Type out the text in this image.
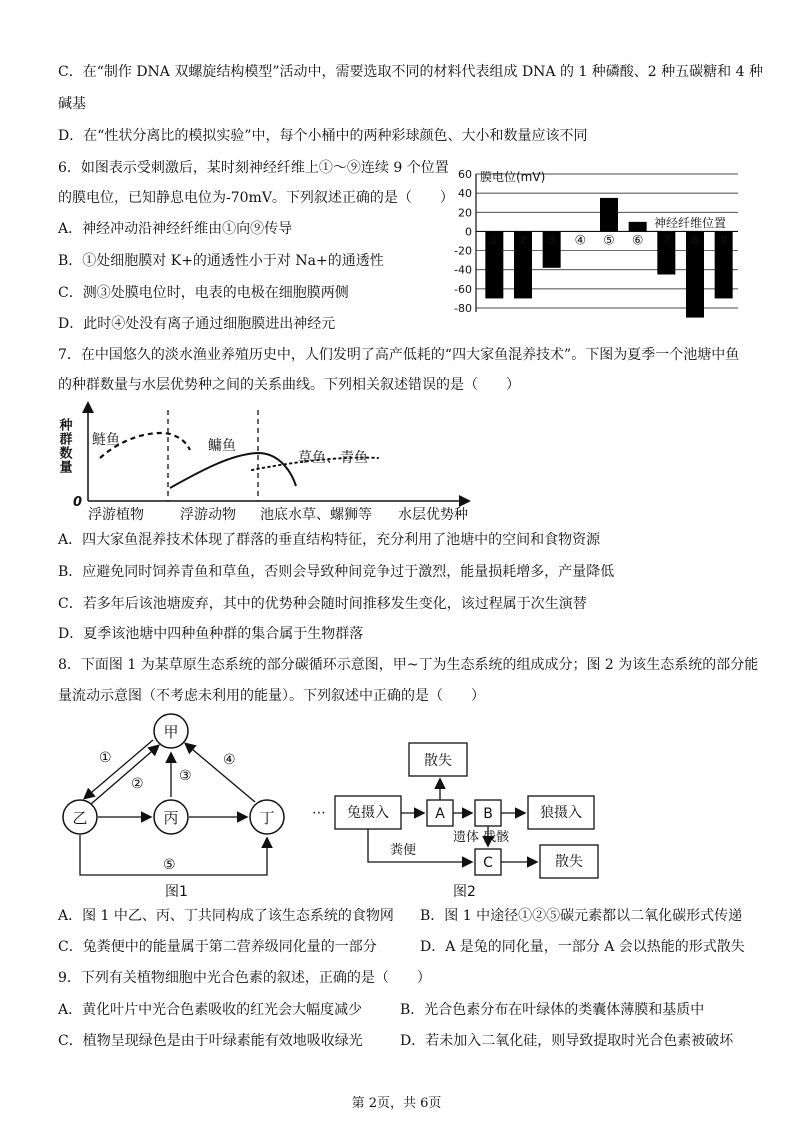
C．在“制作 DNA 双螺旋结构模型”活动中，需要选取不同的材料代表组成 DNA 的 1 种磷酸、2 种五碳糖和 4 种
碱基
D．在“性状分离比的模拟实验”中，每个小桶中的两种彩球颜色、大小和数量应该不同
6．如图表示受刺激后，某时刻神经纤维上①～⑨连续 9 个位置
的膜电位，已知静息电位为-70mV。下列叙述正确的是（　　）
A．神经冲动沿神经纤维由①向⑨传导
B．①处细胞膜对 K+的通透性小于对 Na+的通透性
C．测③处膜电位时，电表的电极在细胞膜两侧
D．此时④处没有离子通过细胞膜进出神经元
60
40
20
0
-20
-40
-60
-80
① ② ③ ④ ⑤ ⑥ ⑦ ⑧ ⑨
膜电位(mV)
神经纤维位置
7．在中国悠久的淡水渔业养殖历史中，人们发明了高产低耗的“四大家鱼混养技术”。下图为夏季一个池塘中鱼
的种群数量与水层优势种之间的关系曲线。下列相关叙述错误的是（　　）
种群数量
0
鲢鱼	鳙鱼
草鱼、青鱼
浮游植物	浮游动物 池底水草、螺狮等 水层优势种
A．四大家鱼混养技术体现了群落的垂直结构特征，充分利用了池塘中的空间和食物资源
B．应避免同时饲养青鱼和草鱼，否则会导致种间竞争过于激烈，能量损耗增多，产量降低
C．若多年后该池塘废弃，其中的优势种会随时间推移发生变化，该过程属于次生演替
D．夏季该池塘中四种鱼种群的集合属于生物群落
8．下面图 1 为某草原生态系统的部分碳循环示意图，甲~丁为生态系统的组成成分；图 2 为该生态系统的部分能
量流动示意图（不考虑未利用的能量）。下列叙述中正确的是（　　）
甲
乙	丙	丁
①
②	③
④
⑤
图1
⋯
散失
兔摄入	A	B	狼摄入
C	散失
遗体 残骸
粪便
图2
A．图 1 中乙、丙、丁共同构成了该生态系统的食物网 B．图 1 中途径①②⑤碳元素都以二氧化碳形式传递
C．兔粪便中的能量属于第二营养级同化量的一部分	D．A 是兔的同化量，一部分 A 会以热能的形式散失
9．下列有关植物细胞中光合色素的叙述，正确的是（　　）
A．黄化叶片中光合色素吸收的红光会大幅度减少	B．光合色素分布在叶绿体的类囊体薄膜和基质中
C．植物呈现绿色是由于叶绿素能有效地吸收绿光	D．若未加入二氧化硅，则导致提取时光合色素被破坏
第 2页，共 6页
